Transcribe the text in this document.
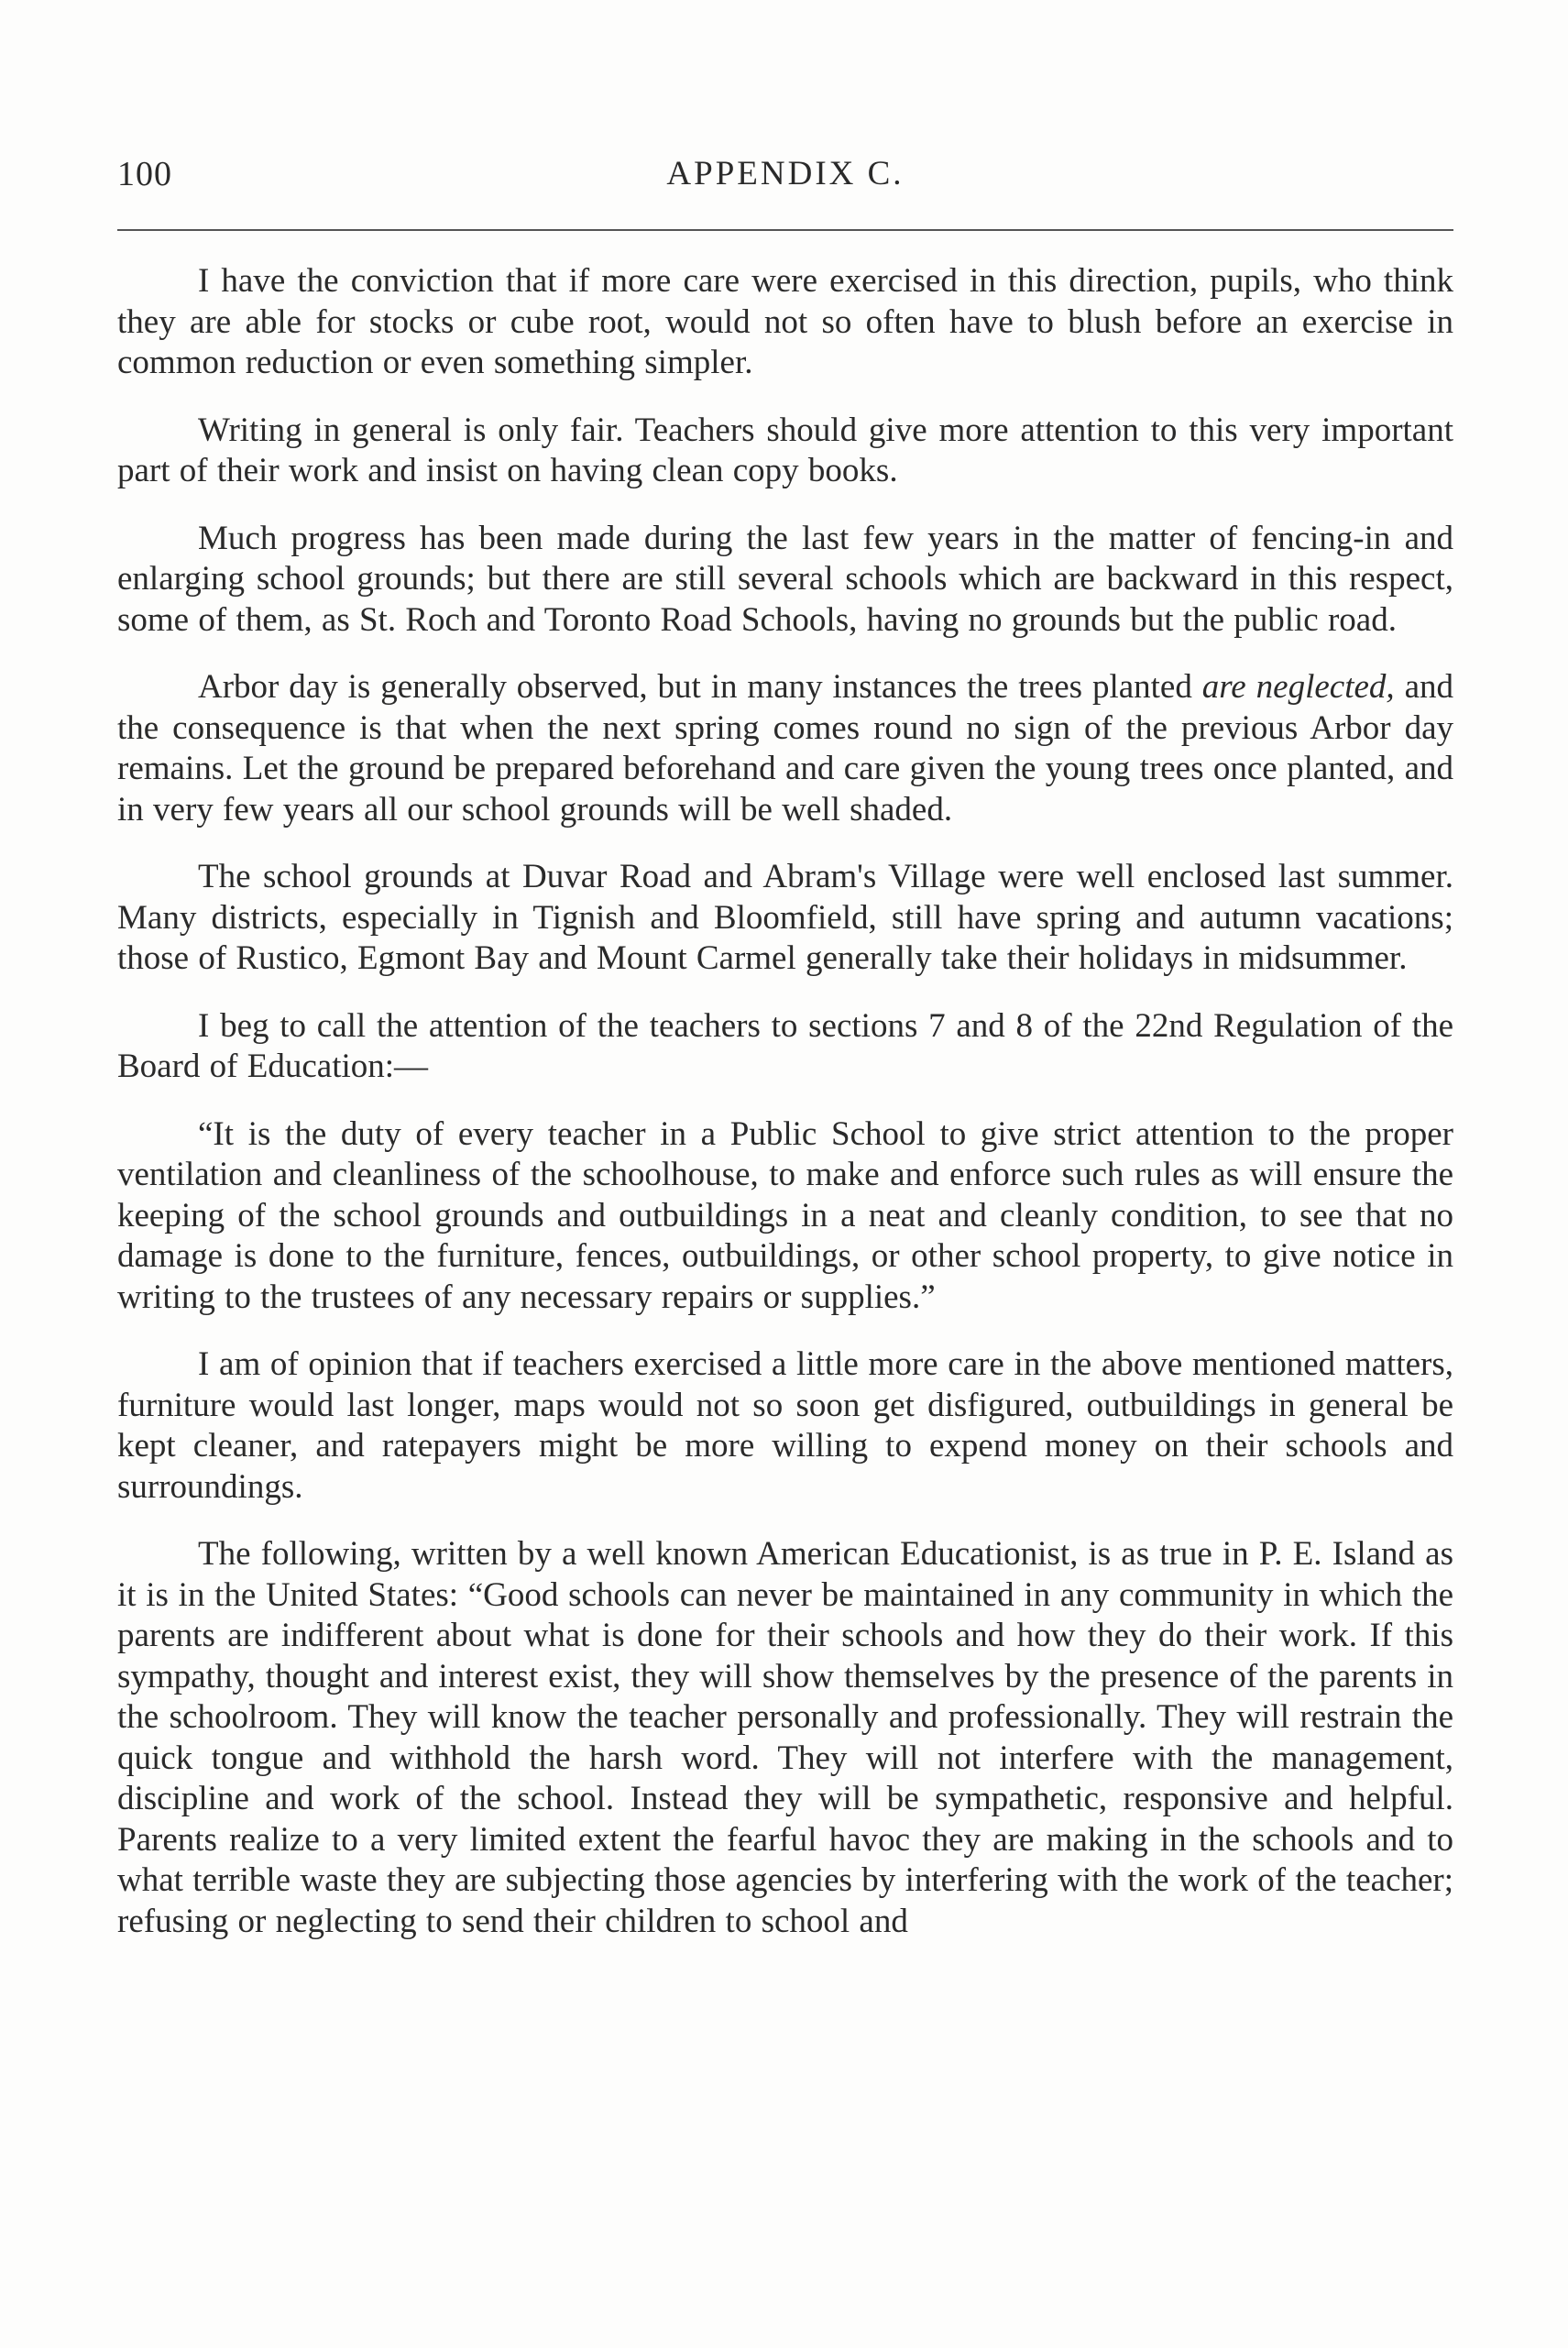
100	APPENDIX C.

I have the conviction that if more care were exercised in this direction, pupils, who think they are able for stocks or cube root, would not so often have to blush before an exercise in common reduction or even something simpler.

Writing in general is only fair. Teachers should give more attention to this very important part of their work and insist on having clean copy books.

Much progress has been made during the last few years in the matter of fencing-in and enlarging school grounds; but there are still several schools which are backward in this respect, some of them, as St. Roch and Toronto Road Schools, having no grounds but the public road.

Arbor day is generally observed, but in many instances the trees planted are neglected, and the consequence is that when the next spring comes round no sign of the previous Arbor day remains. Let the ground be prepared beforehand and care given the young trees once planted, and in very few years all our school grounds will be well shaded.

The school grounds at Duvar Road and Abram's Village were well enclosed last summer. Many districts, especially in Tignish and Bloomfield, still have spring and autumn vacations; those of Rustico, Egmont Bay and Mount Carmel generally take their holidays in midsummer.

I beg to call the attention of the teachers to sections 7 and 8 of the 22nd Regulation of the Board of Education:—

“It is the duty of every teacher in a Public School to give strict attention to the proper ventilation and cleanliness of the schoolhouse, to make and enforce such rules as will ensure the keeping of the school grounds and outbuildings in a neat and cleanly condition, to see that no damage is done to the furniture, fences, outbuildings, or other school property, to give notice in writing to the trustees of any necessary repairs or supplies.”

I am of opinion that if teachers exercised a little more care in the above mentioned matters, furniture would last longer, maps would not so soon get disfigured, outbuildings in general be kept cleaner, and ratepayers might be more willing to expend money on their schools and surroundings.

The following, written by a well known American Educationist, is as true in P. E. Island as it is in the United States: “Good schools can never be maintained in any community in which the parents are indifferent about what is done for their schools and how they do their work. If this sympathy, thought and interest exist, they will show themselves by the presence of the parents in the schoolroom. They will know the teacher personally and professionally. They will restrain the quick tongue and withhold the harsh word. They will not interfere with the management, discipline and work of the school. Instead they will be sympathetic, responsive and helpful. Parents realize to a very limited extent the fearful havoc they are making in the schools and to what terrible waste they are subjecting those agencies by interfering with the work of the teacher; refusing or neglecting to send their children to school and
